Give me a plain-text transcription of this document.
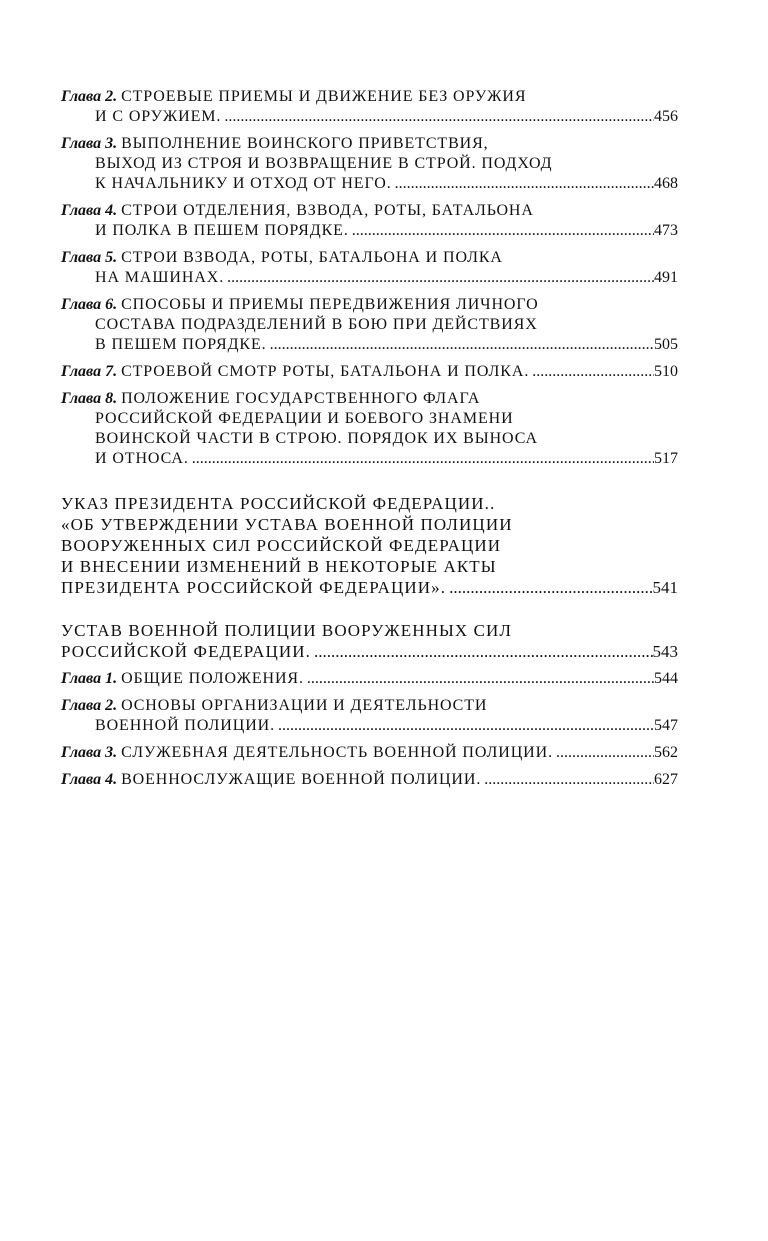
Глава 2. СТРОЕВЫЕ ПРИЕМЫ И ДВИЖЕНИЕ БЕЗ ОРУЖИЯ
И С ОРУЖИЕМ. .....	456
Глава 3. ВЫПОЛНЕНИЕ ВОИНСКОГО ПРИВЕТСТВИЯ,
ВЫХОД ИЗ СТРОЯ И ВОЗВРАЩЕНИЕ В СТРОЙ. ПОДХОД
К НАЧАЛЬНИКУ И ОТХОД ОТ НЕГО. .....	468
Глава 4. СТРОИ ОТДЕЛЕНИЯ, ВЗВОДА, РОТЫ, БАТАЛЬОНА
И ПОЛКА В ПЕШЕМ ПОРЯДКЕ. .....	473
Глава 5. СТРОИ ВЗВОДА, РОТЫ, БАТАЛЬОНА И ПОЛКА
НА МАШИНАХ. .....	491
Глава 6. СПОСОБЫ И ПРИЕМЫ ПЕРЕДВИЖЕНИЯ ЛИЧНОГО
СОСТАВА ПОДРАЗДЕЛЕНИЙ В БОЮ ПРИ ДЕЙСТВИЯХ
В ПЕШЕМ ПОРЯДКЕ. .....	505
Глава 7. СТРОЕВОЙ СМОТР РОТЫ, БАТАЛЬОНА И ПОЛКА. .....	510
Глава 8. ПОЛОЖЕНИЕ ГОСУДАРСТВЕННОГО ФЛАГА
РОССИЙСКОЙ ФЕДЕРАЦИИ И БОЕВОГО ЗНАМЕНИ
ВОИНСКОЙ ЧАСТИ В СТРОЮ. ПОРЯДОК ИХ ВЫНОСА
И ОТНОСА. .....	517
УКАЗ ПРЕЗИДЕНТА РОССИЙСКОЙ ФЕДЕРАЦИИ..
«ОБ УТВЕРЖДЕНИИ УСТАВА ВОЕННОЙ ПОЛИЦИИ
ВООРУЖЕННЫХ СИЛ РОССИЙСКОЙ ФЕДЕРАЦИИ
И ВНЕСЕНИИ ИЗМЕНЕНИЙ В НЕКОТОРЫЕ АКТЫ
ПРЕЗИДЕНТА РОССИЙСКОЙ ФЕДЕРАЦИИ». .....	541
УСТАВ ВОЕННОЙ ПОЛИЦИИ ВООРУЖЕННЫХ СИЛ
РОССИЙСКОЙ ФЕДЕРАЦИИ. .....	543
Глава 1. ОБЩИЕ ПОЛОЖЕНИЯ. .....	544
Глава 2. ОСНОВЫ ОРГАНИЗАЦИИ И ДЕЯТЕЛЬНОСТИ
ВОЕННОЙ ПОЛИЦИИ. .....	547
Глава 3. СЛУЖЕБНАЯ ДЕЯТЕЛЬНОСТЬ ВОЕННОЙ ПОЛИЦИИ. .....	562
Глава 4. ВОЕННОСЛУЖАЩИЕ ВОЕННОЙ ПОЛИЦИИ. .....	627
